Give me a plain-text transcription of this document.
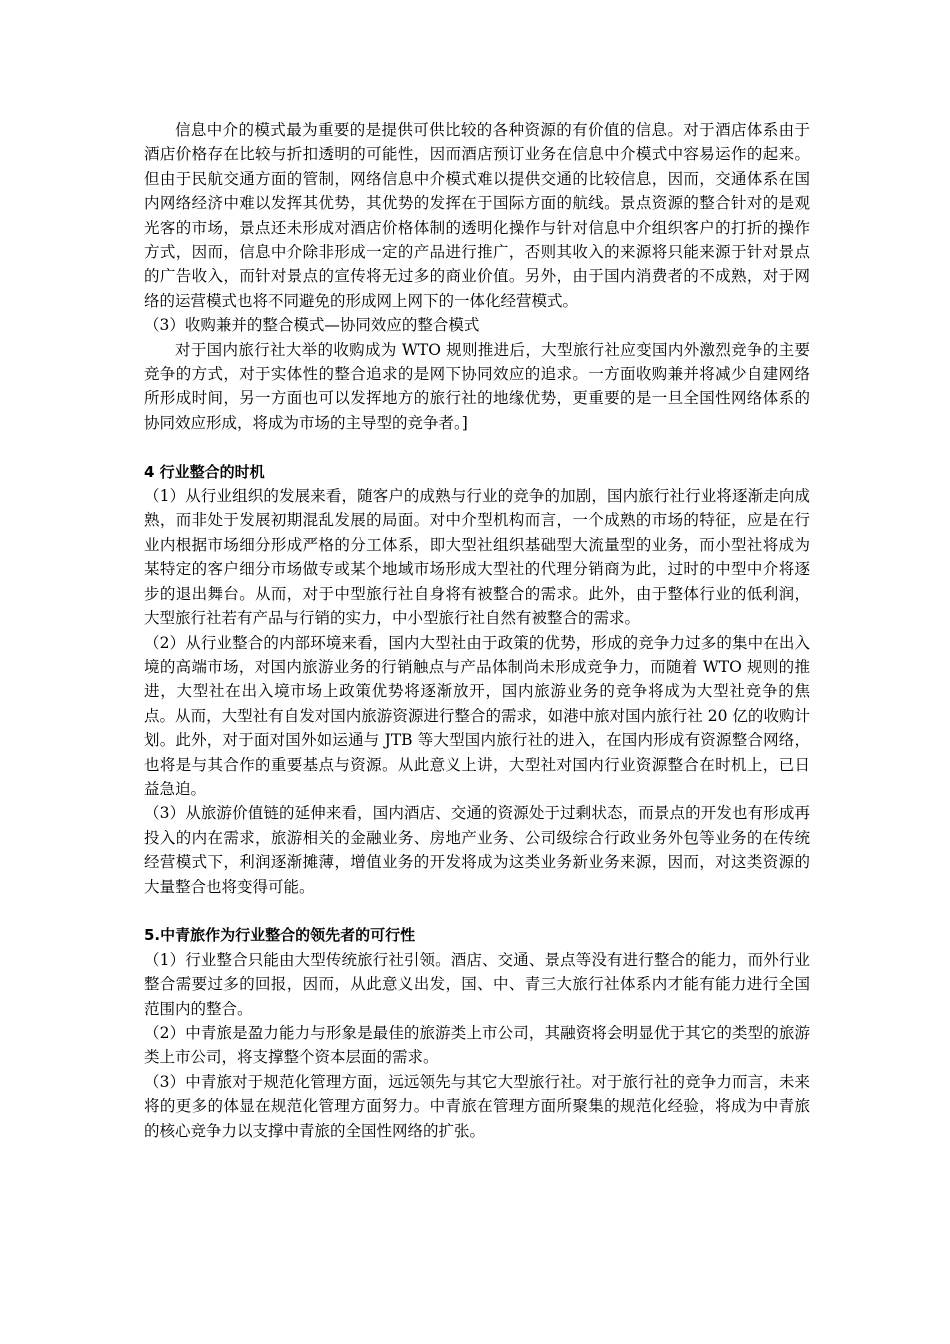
信息中介的模式最为重要的是提供可供比较的各种资源的有价值的信息。对于酒店体系由于酒店价格存在比较与折扣透明的可能性，因而酒店预订业务在信息中介模式中容易运作的起来。但由于民航交通方面的管制，网络信息中介模式难以提供交通的比较信息，因而，交通体系在国内网络经济中难以发挥其优势，其优势的发挥在于国际方面的航线。景点资源的整合针对的是观光客的市场，景点还未形成对酒店价格体制的透明化操作与针对信息中介组织客户的打折的操作方式，因而，信息中介除非形成一定的产品进行推广，否则其收入的来源将只能来源于针对景点的广告收入，而针对景点的宣传将无过多的商业价值。另外，由于国内消费者的不成熟，对于网络的运营模式也将不同避免的形成网上网下的一体化经营模式。

（3）收购兼并的整合模式—协同效应的整合模式

对于国内旅行社大举的收购成为 WTO 规则推进后，大型旅行社应变国内外激烈竞争的主要竞争的方式，对于实体性的整合追求的是网下协同效应的追求。一方面收购兼并将减少自建网络所形成时间，另一方面也可以发挥地方的旅行社的地缘优势，更重要的是一旦全国性网络体系的协同效应形成，将成为市场的主导型的竞争者。]

4 行业整合的时机

（1）从行业组织的发展来看，随客户的成熟与行业的竞争的加剧，国内旅行社行业将逐渐走向成熟，而非处于发展初期混乱发展的局面。对中介型机构而言，一个成熟的市场的特征，应是在行业内根据市场细分形成严格的分工体系，即大型社组织基础型大流量型的业务，而小型社将成为某特定的客户细分市场做专或某个地域市场形成大型社的代理分销商为此，过时的中型中介将逐步的退出舞台。从而，对于中型旅行社自身将有被整合的需求。此外，由于整体行业的低利润，大型旅行社若有产品与行销的实力，中小型旅行社自然有被整合的需求。

（2）从行业整合的内部环境来看，国内大型社由于政策的优势，形成的竞争力过多的集中在出入境的高端市场，对国内旅游业务的行销触点与产品体制尚未形成竞争力，而随着 WTO 规则的推进，大型社在出入境市场上政策优势将逐渐放开，国内旅游业务的竞争将成为大型社竞争的焦点。从而，大型社有自发对国内旅游资源进行整合的需求，如港中旅对国内旅行社 20 亿的收购计划。此外，对于面对国外如运通与 JTB 等大型国内旅行社的进入，在国内形成有资源整合网络，也将是与其合作的重要基点与资源。从此意义上讲，大型社对国内行业资源整合在时机上，已日益急迫。

（3）从旅游价值链的延伸来看，国内酒店、交通的资源处于过剩状态，而景点的开发也有形成再投入的内在需求，旅游相关的金融业务、房地产业务、公司级综合行政业务外包等业务的在传统经营模式下，利润逐渐摊薄，增值业务的开发将成为这类业务新业务来源，因而，对这类资源的大量整合也将变得可能。

5.中青旅作为行业整合的领先者的可行性

（1）行业整合只能由大型传统旅行社引领。酒店、交通、景点等没有进行整合的能力，而外行业整合需要过多的回报，因而，从此意义出发，国、中、青三大旅行社体系内才能有能力进行全国范围内的整合。

（2）中青旅是盈力能力与形象是最佳的旅游类上市公司，其融资将会明显优于其它的类型的旅游类上市公司，将支撑整个资本层面的需求。

（3）中青旅对于规范化管理方面，远远领先与其它大型旅行社。对于旅行社的竞争力而言，未来将的更多的体显在规范化管理方面努力。中青旅在管理方面所聚集的规范化经验，将成为中青旅的核心竞争力以支撑中青旅的全国性网络的扩张。
